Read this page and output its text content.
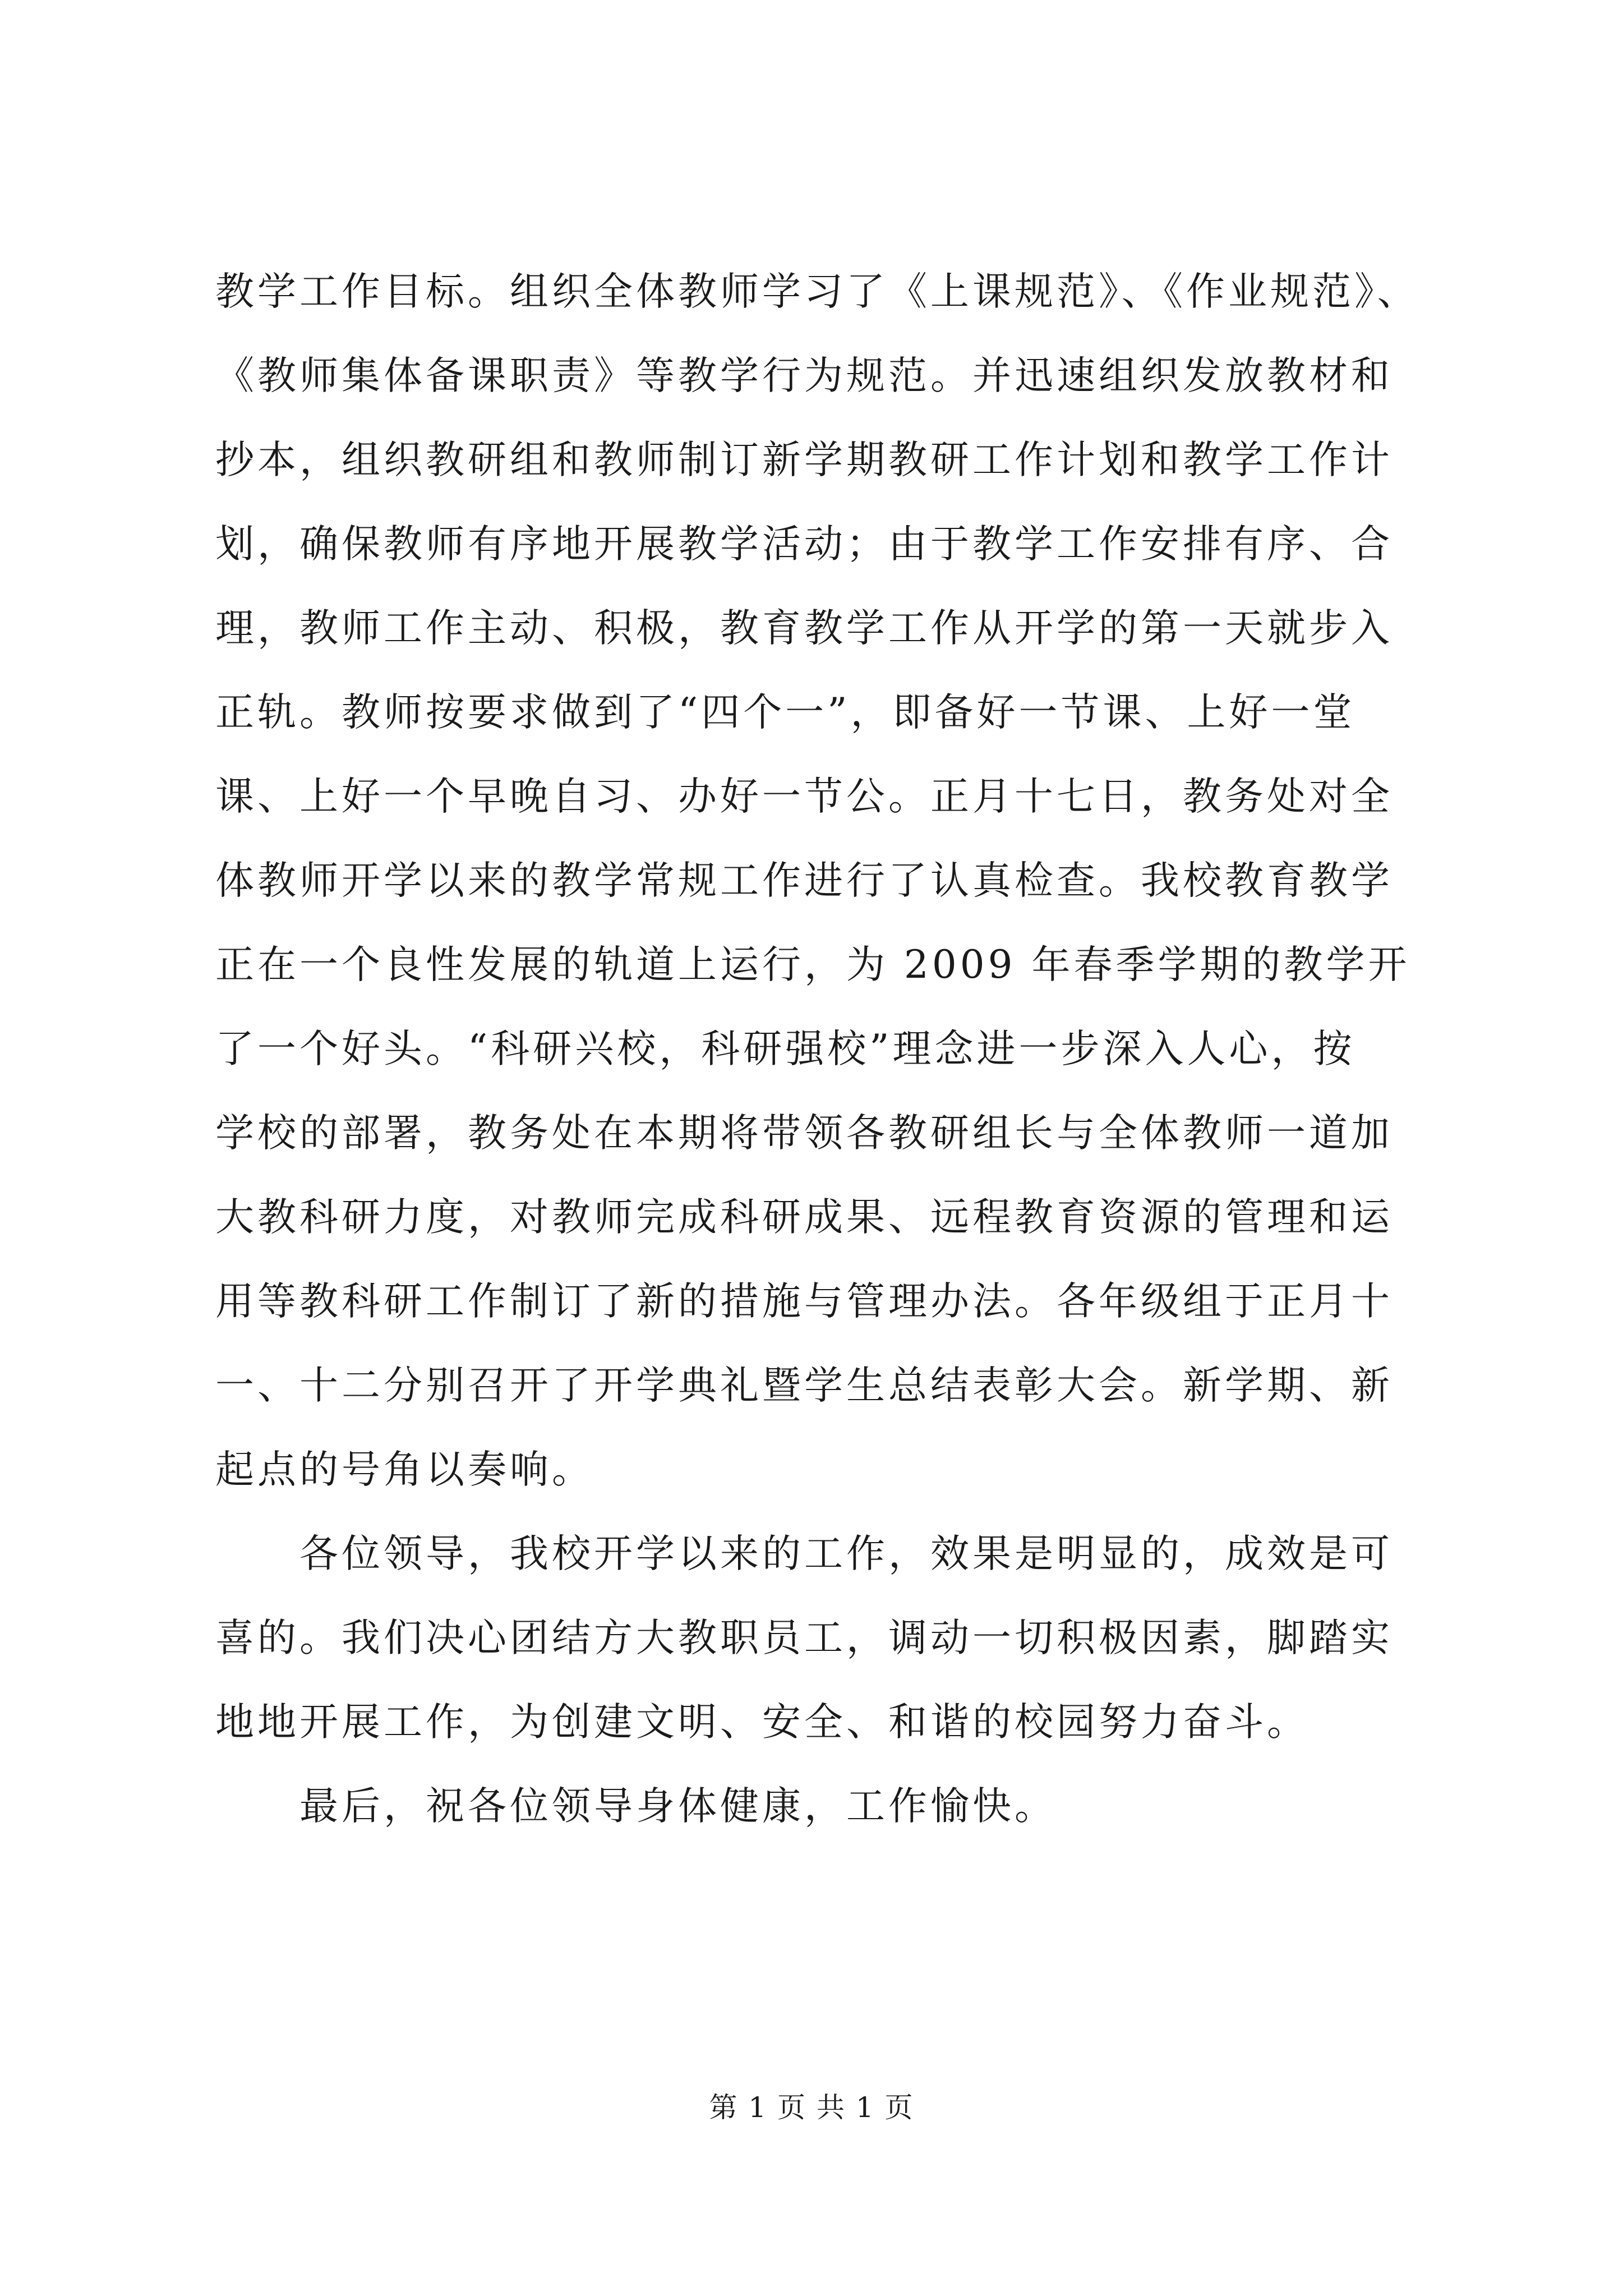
教学工作目标。组织全体教师学习了《上课规范》、《作业规范》、
《教师集体备课职责》等教学行为规范。并迅速组织发放教材和
抄本，组织教研组和教师制订新学期教研工作计划和教学工作计
划，确保教师有序地开展教学活动；由于教学工作安排有序、合
理，教师工作主动、积极，教育教学工作从开学的第一天就步入
正轨。教师按要求做到了“四个一”，即备好一节课、上好一堂
课、上好一个早晚自习、办好一节公。正月十七日，教务处对全
体教师开学以来的教学常规工作进行了认真检查。我校教育教学
正在一个良性发展的轨道上运行，为 2009 年春季学期的教学开
了一个好头。“科研兴校，科研强校”理念进一步深入人心，按
学校的部署，教务处在本期将带领各教研组长与全体教师一道加
大教科研力度，对教师完成科研成果、远程教育资源的管理和运
用等教科研工作制订了新的措施与管理办法。各年级组于正月十
一、十二分别召开了开学典礼暨学生总结表彰大会。新学期、新
起点的号角以奏响。
　　各位领导，我校开学以来的工作，效果是明显的，成效是可
喜的。我们决心团结方大教职员工，调动一切积极因素，脚踏实
地地开展工作，为创建文明、安全、和谐的校园努力奋斗。
　　最后，祝各位领导身体健康，工作愉快。
第 1 页 共 1 页
